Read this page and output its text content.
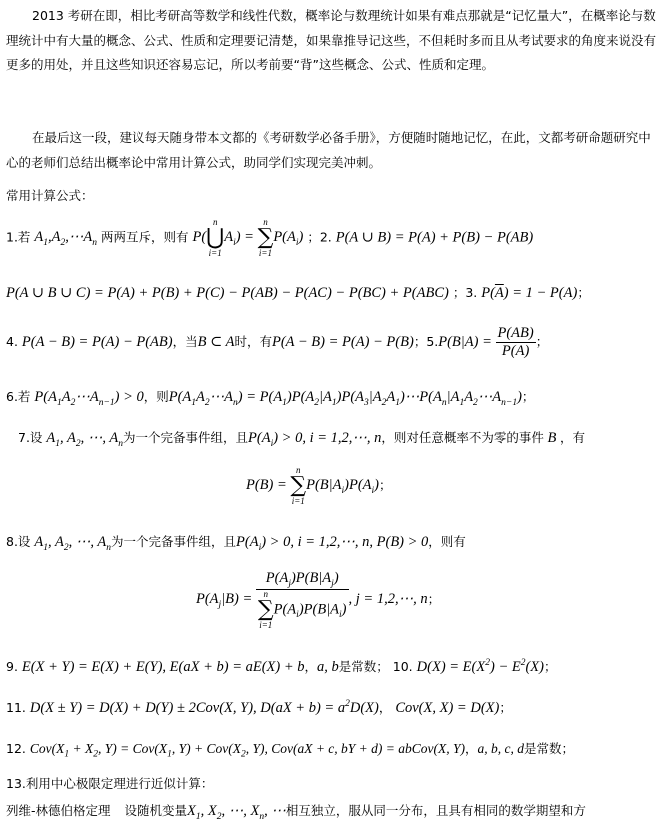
2013 考研在即，相比考研高等数学和线性代数，概率论与数理统计如果有难点那就是“记忆量大”，在概率论与数理统计中有大量的概念、公式、性质和定理要记清楚，如果靠推导记这些，不但耗时多而且从考试要求的角度来说没有更多的用处，并且这些知识还容易忘记，所以考前要“背”这些概念、公式、性质和定理。
在最后这一段，建议每天随身带本文都的《考研数学必备手册》，方便随时随地记忆，在此，文都考研命题研究中心的老师们总结出概率论中常用计算公式，助同学们实现完美冲刺。
常用计算公式：
1.若 $A_1,A_2,\cdots A_n$ 两两互斥，则有 P(
n
⋃
i=1
$A_i$) =
n
∑
i=1
$P(A_i)$ ；2. P(A ∪ B) = P(A) + P(B) − P(AB)
P(A ∪ B ∪ C) = P(A) + P(B) + P(C) − P(AB) − P(AC) − P(BC) + P(ABC) ；3. $P(\overline{A}) = 1 - P(A)$；
4. P(A − B) = P(A) − P(AB)，当B ⊂ A时，有P(A − B) = P(A) − P(B)；$5.P(B|A) = \frac{P(AB)}{P(A)}$ ；
6.若 $P(A_1A_2\cdots A_{n-1}) > 0$，则$P(A_1A_2\cdots A_n)$ = $P(A_1)P(A_2|A_1)P(A_3|A_2A_1)\cdots P(A_n|A_1A_2\cdots A_{n-1})$；
7.设 $A_1$, $A_2$, ⋯, $A_n$为一个完备事件组，且$P(A_i) > 0$, i = 1,2,⋯, n，则对任意概率不为零的事件 B ，有
P(B) =
n
∑
i=1
$P(B|A_i)P(A_i)$；
8.设 $A_1$, $A_2$, ⋯, $A_n$为一个完备事件组，且$P(A_i) > 0$, i = 1,2,⋯, n, P(B) > 0，则有
$P(A_j|B) = P(A_j)P(B|A_j)$
n
∑
i=1
$P(A_i)P(B|A_i)$ , j = 1,2,⋯, n；
9. E(X + Y) = E(X) + E(Y), E(aX + b) = aE(X) + b，a, b是常数； 10. $D(X) = E(X^2) - E^2(X)$；
11. D(X ± Y) = D(X) + D(Y) ± 2Cov(X, Y), $D(aX + b) = a^2D(X)$， Cov(X, X) = D(X)；
12. $Cov(X_1 + X_2$, $Y) = Cov(X_1$, $Y) + Cov(X_2$, Y), Cov(aX + c, bY + d) = abCov(X, Y)，a, b, c, d是常数；
13.利用中心极限定理进行近似计算：
列维-林德伯格定理 设随机变量$X_1$, $X_2$, ⋯, $X_n$, ⋯相互独立，服从同一分布，且具有相同的数学期望和方
